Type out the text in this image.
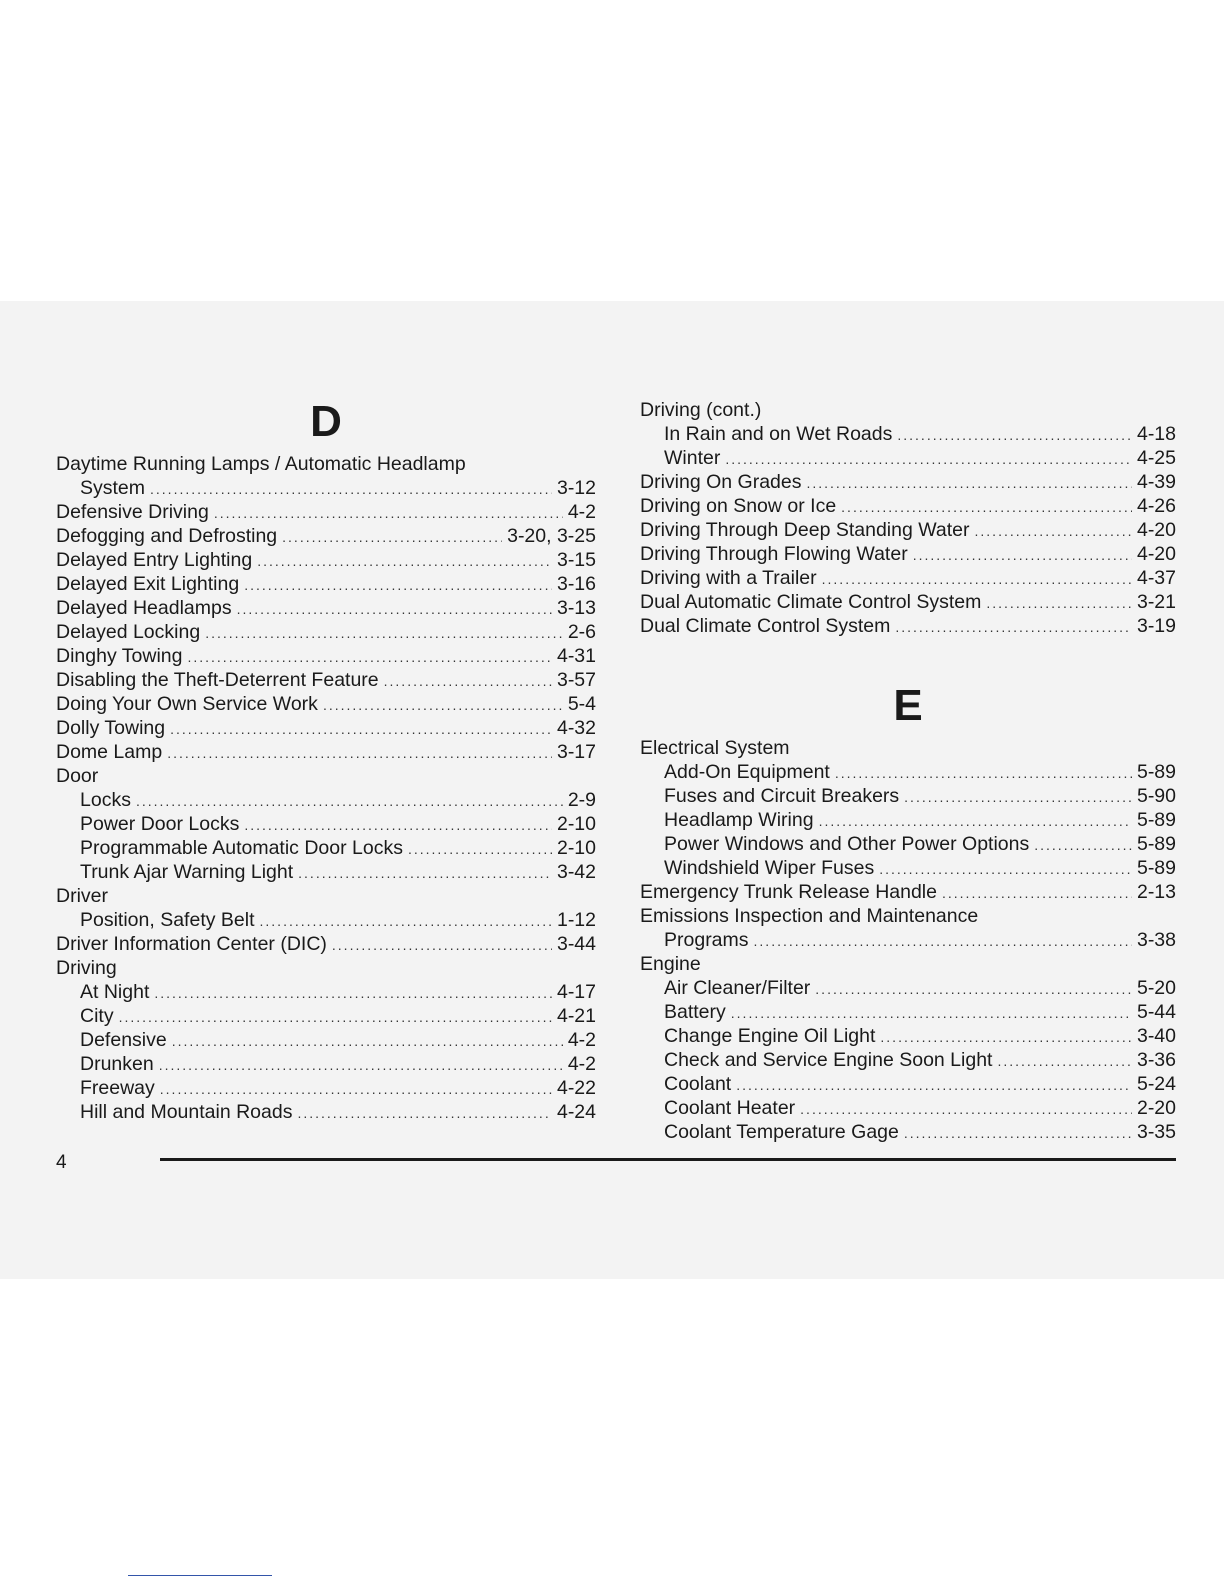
D
Daytime Running Lamps / Automatic Headlamp
System .....	3-12
Defensive Driving .....	4-2
Defogging and Defrosting .....	3-20, 3-25
Delayed Entry Lighting .....	3-15
Delayed Exit Lighting .....	3-16
Delayed Headlamps .....	3-13
Delayed Locking .....	2-6
Dinghy Towing .....	4-31
Disabling the Theft-Deterrent Feature .....	3-57
Doing Your Own Service Work .....	5-4
Dolly Towing .....	4-32
Dome Lamp .....	3-17
Door
Locks .....	2-9
Power Door Locks .....	2-10
Programmable Automatic Door Locks .....	2-10
Trunk Ajar Warning Light .....	3-42
Driver
Position, Safety Belt .....	1-12
Driver Information Center (DIC) .....	3-44
Driving
At Night .....	4-17
City .....	4-21
Defensive .....	4-2
Drunken .....	4-2
Freeway .....	4-22
Hill and Mountain Roads .....	4-24
Driving (cont.)
In Rain and on Wet Roads .....	4-18
Winter .....	4-25
Driving On Grades .....	4-39
Driving on Snow or Ice .....	4-26
Driving Through Deep Standing Water .....	4-20
Driving Through Flowing Water .....	4-20
Driving with a Trailer .....	4-37
Dual Automatic Climate Control System .....	3-21
Dual Climate Control System .....	3-19
E
Electrical System
Add-On Equipment .....	5-89
Fuses and Circuit Breakers .....	5-90
Headlamp Wiring .....	5-89
Power Windows and Other Power Options .....	5-89
Windshield Wiper Fuses .....	5-89
Emergency Trunk Release Handle .....	2-13
Emissions Inspection and Maintenance
Programs .....	3-38
Engine
Air Cleaner/Filter .....	5-20
Battery .....	5-44
Change Engine Oil Light .....	3-40
Check and Service Engine Soon Light .....	3-36
Coolant .....	5-24
Coolant Heater .....	2-20
Coolant Temperature Gage .....	3-35
4
